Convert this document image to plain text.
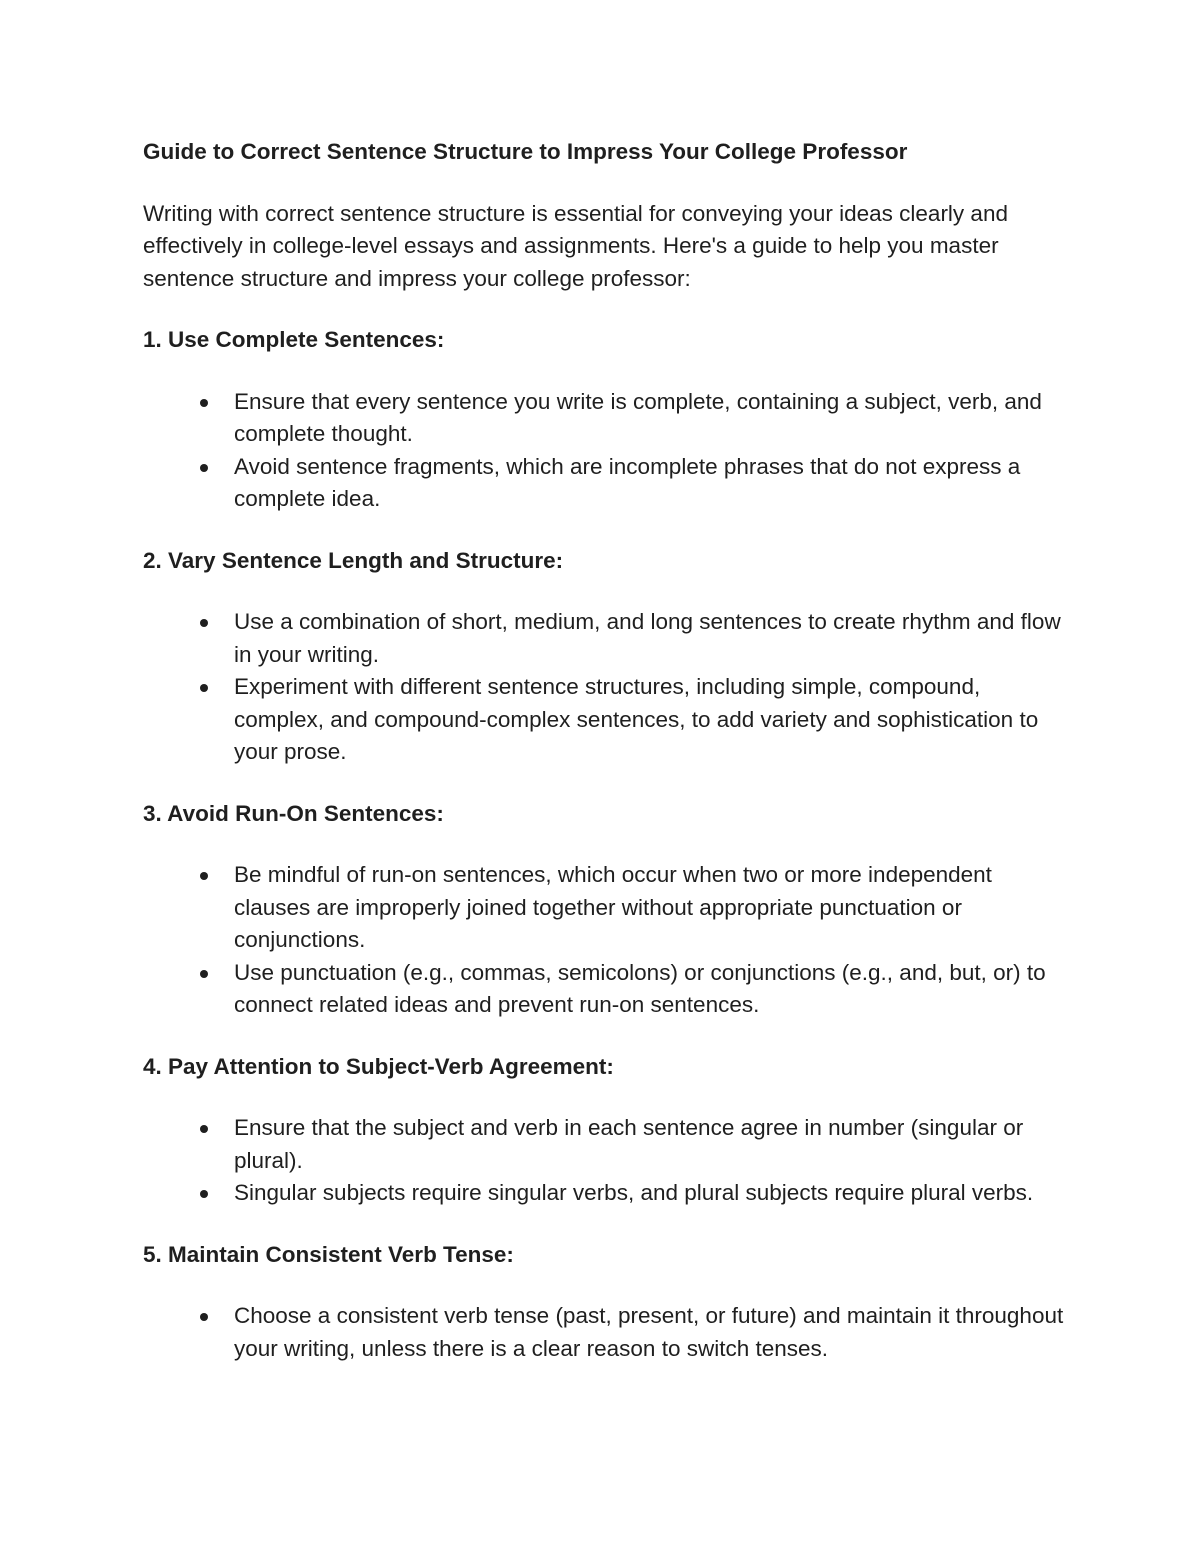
Guide to Correct Sentence Structure to Impress Your College Professor
Writing with correct sentence structure is essential for conveying your ideas clearly and effectively in college-level essays and assignments. Here's a guide to help you master sentence structure and impress your college professor:
1. Use Complete Sentences:
Ensure that every sentence you write is complete, containing a subject, verb, and complete thought.
Avoid sentence fragments, which are incomplete phrases that do not express a complete idea.
2. Vary Sentence Length and Structure:
Use a combination of short, medium, and long sentences to create rhythm and flow in your writing.
Experiment with different sentence structures, including simple, compound, complex, and compound-complex sentences, to add variety and sophistication to your prose.
3. Avoid Run-On Sentences:
Be mindful of run-on sentences, which occur when two or more independent clauses are improperly joined together without appropriate punctuation or conjunctions.
Use punctuation (e.g., commas, semicolons) or conjunctions (e.g., and, but, or) to connect related ideas and prevent run-on sentences.
4. Pay Attention to Subject-Verb Agreement:
Ensure that the subject and verb in each sentence agree in number (singular or plural).
Singular subjects require singular verbs, and plural subjects require plural verbs.
5. Maintain Consistent Verb Tense:
Choose a consistent verb tense (past, present, or future) and maintain it throughout your writing, unless there is a clear reason to switch tenses.
